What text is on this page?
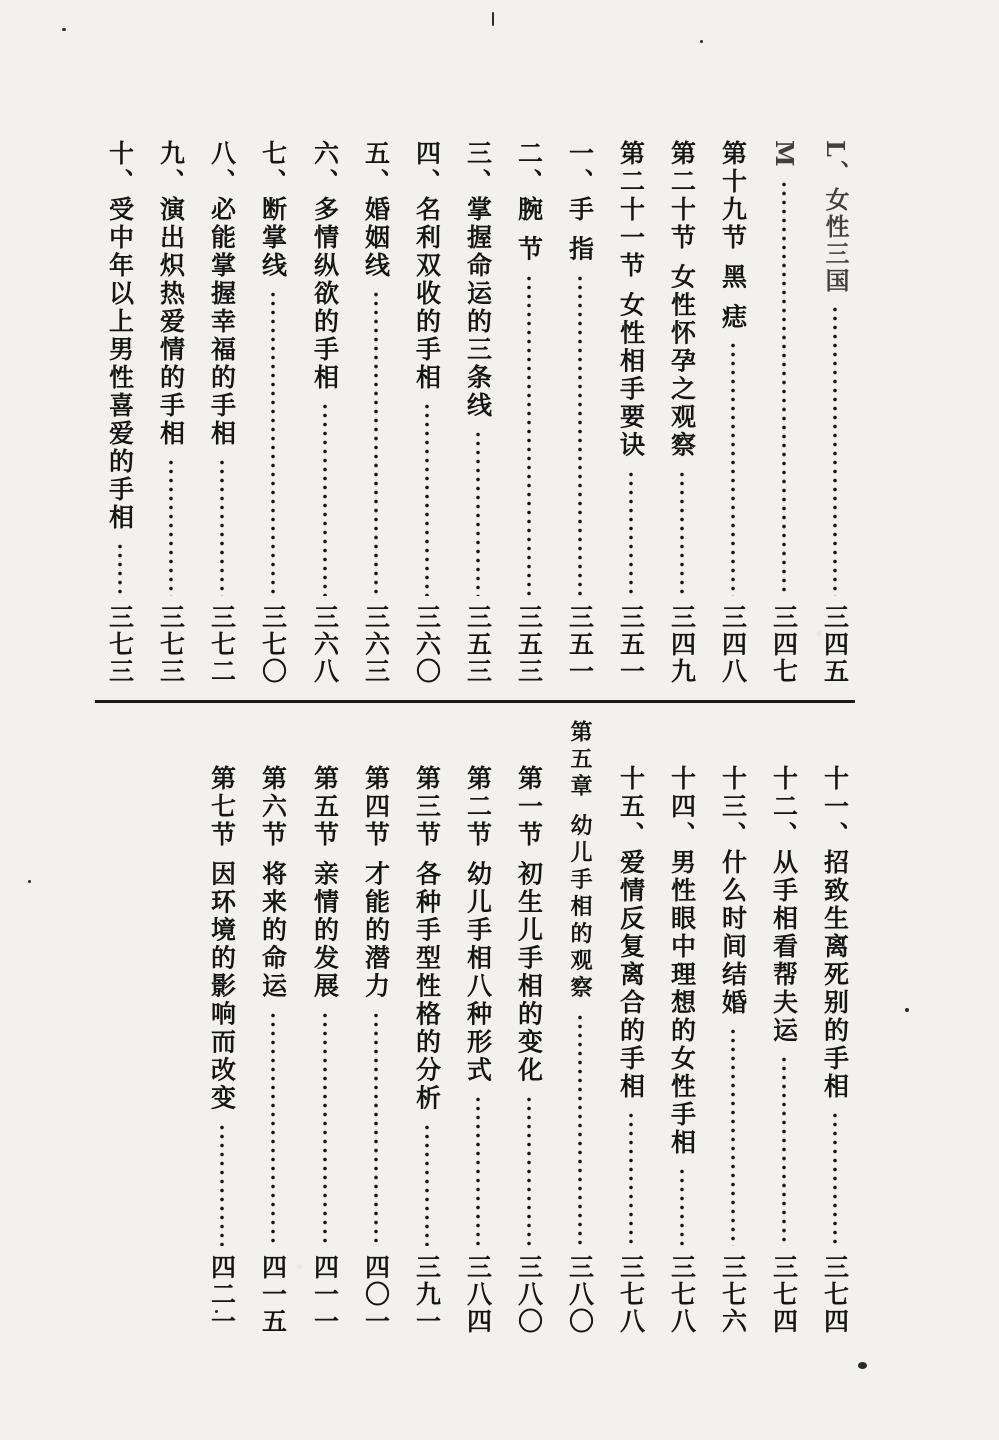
L、女性三国
三四五
M
三四七
第十九节 黑 痣
三四八
第二十节 女性怀孕之观察
三四九
第二十一节 女性相手要诀
三五一
一、手 指
三五一
二、腕 节
三五三
三、掌握命运的三条线
三五三
四、名利双收的手相
三六〇
五、婚姻线
三六三
六、多情纵欲的手相
三六八
七、断掌线
三七〇
八、必能掌握幸福的手相
三七二
九、演出炽热爱情的手相
三七三
十、受中年以上男性喜爱的手相
三七三
十一、招致生离死别的手相
三七四
十二、从手相看帮夫运
三七四
十三、什么时间结婚
三七六
十四、男性眼中理想的女性手相
三七八
十五、爱情反复离合的手相
三七八
第五章 幼儿手相的观察
三八〇
第一节 初生儿手相的变化
三八〇
第二节 幼儿手相八种形式
三八四
第三节 各种手型性格的分析
三九一
第四节 才能的潜力
四〇一
第五节 亲情的发展
四一一
第六节 将来的命运
四一五
第七节 因环境的影响而改变
四二一
